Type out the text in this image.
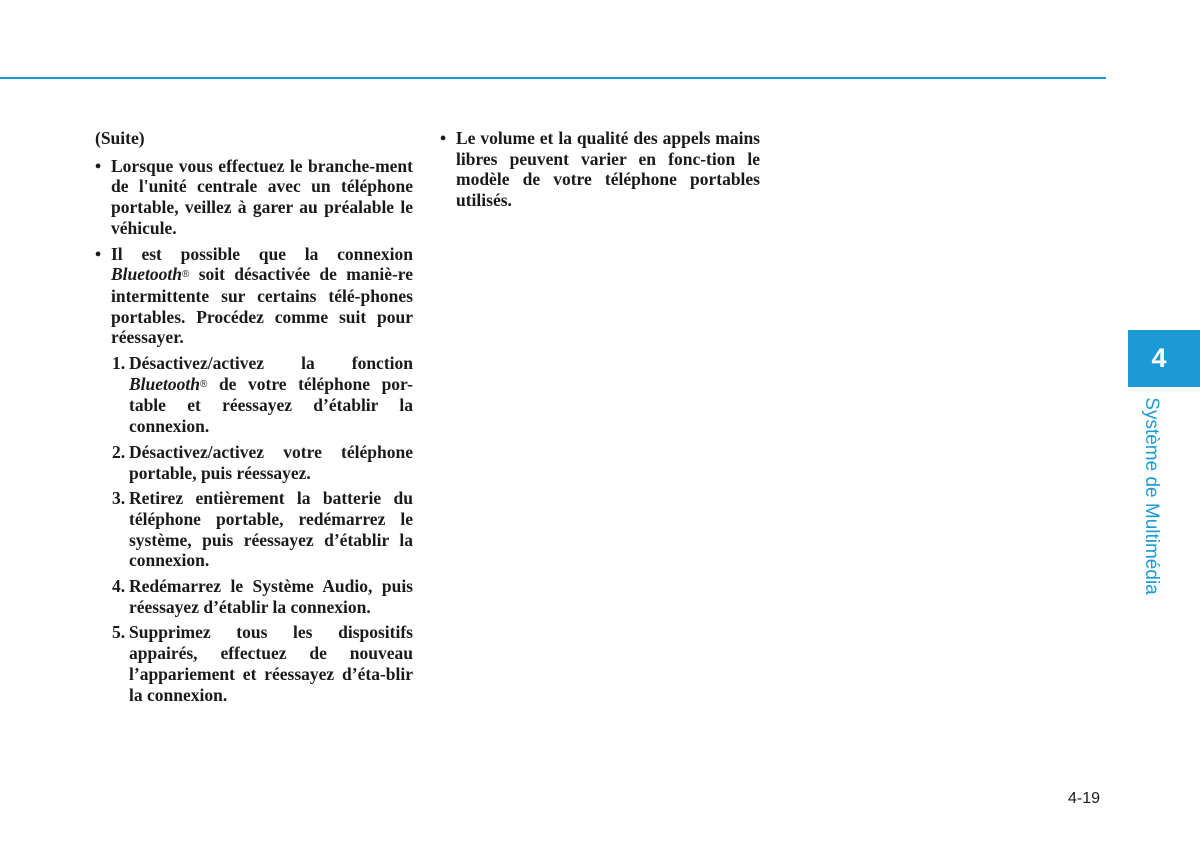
(Suite)
• Lorsque vous effectuez le branche-ment de l'unité centrale avec un téléphone portable, veillez à garer au préalable le véhicule.
• Il est possible que la connexion Bluetooth® soit désactivée de maniè-re intermittente sur certains télé-phones portables. Procédez comme suit pour réessayer.
1. Désactivez/activez la fonction Bluetooth® de votre téléphone por-table et réessayez d’établir la connexion.
2. Désactivez/activez votre téléphone portable, puis réessayez.
3. Retirez entièrement la batterie du téléphone portable, redémarrez le système, puis réessayez d’établir la connexion.
4. Redémarrez le Système Audio, puis réessayez d’établir la connexion.
5. Supprimez tous les dispositifs appairés, effectuez de nouveau l’appariement et réessayez d’éta-blir la connexion.
• Le volume et la qualité des appels mains libres peuvent varier en fonc-tion le modèle de votre téléphone portables utilisés.
4
Système de Multimédia
4-19
